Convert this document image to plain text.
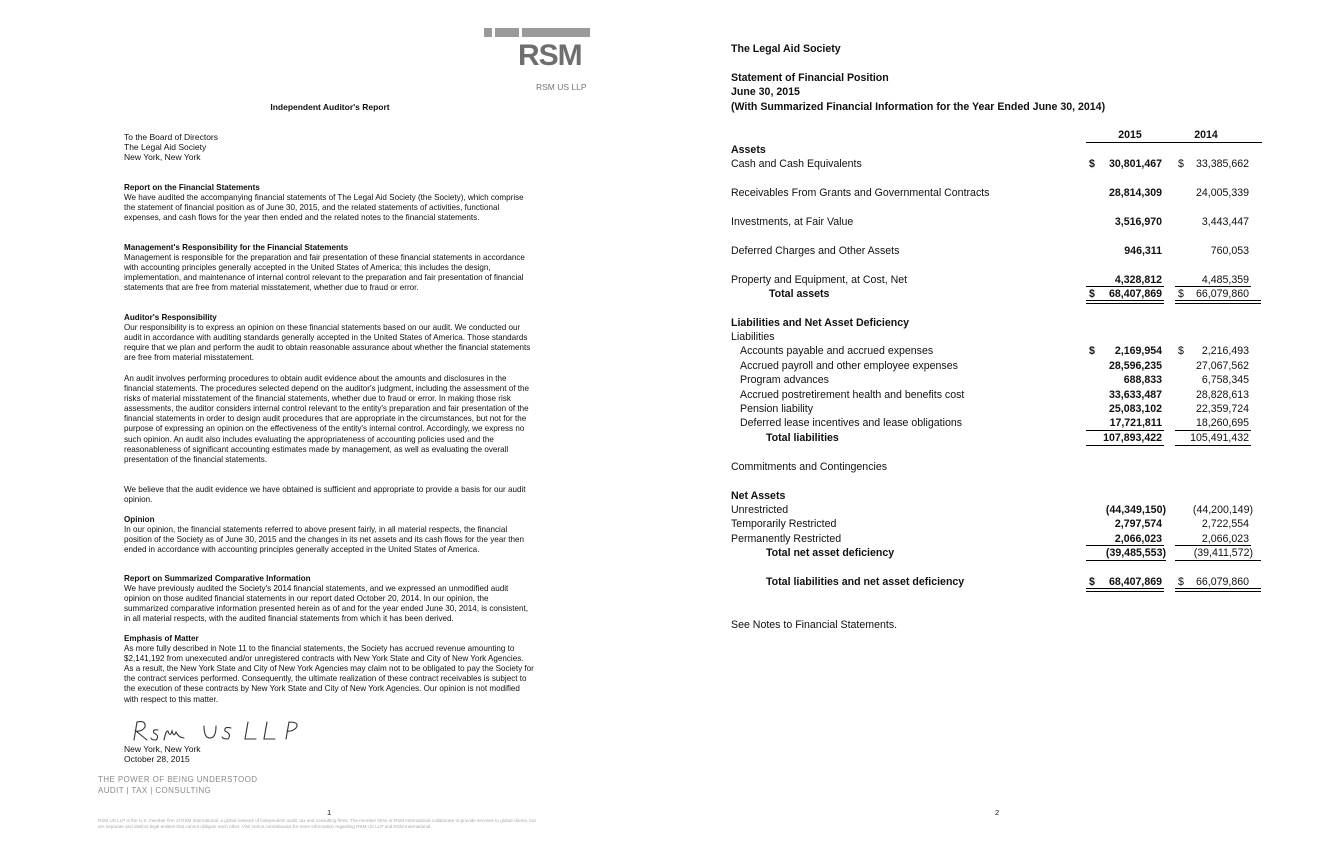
RSM
RSM US LLP
Independent Auditor's Report
To the Board of Directors
The Legal Aid Society
New York, New York
Report on the Financial Statements

We have audited the accompanying financial statements of The Legal Aid Society (the Society), which comprise the statement of financial position as of June 30, 2015, and the related statements of activities, functional expenses, and cash flows for the year then ended and the related notes to the financial statements.

Management's Responsibility for the Financial Statements

Management is responsible for the preparation and fair presentation of these financial statements in accordance with accounting principles generally accepted in the United States of America; this includes the design, implementation, and maintenance of internal control relevant to the preparation and fair presentation of financial statements that are free from material misstatement, whether due to fraud or error.

Auditor's Responsibility

Our responsibility is to express an opinion on these financial statements based on our audit. We conducted our audit in accordance with auditing standards generally accepted in the United States of America. Those standards require that we plan and perform the audit to obtain reasonable assurance about whether the financial statements are free from material misstatement.

An audit involves performing procedures to obtain audit evidence about the amounts and disclosures in the financial statements. The procedures selected depend on the auditor's judgment, including the assessment of the risks of material misstatement of the financial statements, whether due to fraud or error. In making those risk assessments, the auditor considers internal control relevant to the entity's preparation and fair presentation of the financial statements in order to design audit procedures that are appropriate in the circumstances, but not for the purpose of expressing an opinion on the effectiveness of the entity's internal control. Accordingly, we express no such opinion. An audit also includes evaluating the appropriateness of accounting policies used and the reasonableness of significant accounting estimates made by management, as well as evaluating the overall presentation of the financial statements.

We believe that the audit evidence we have obtained is sufficient and appropriate to provide a basis for our audit opinion.

Opinion

In our opinion, the financial statements referred to above present fairly, in all material respects, the financial position of the Society as of June 30, 2015 and the changes in its net assets and its cash flows for the year then ended in accordance with accounting principles generally accepted in the United States of America.

Report on Summarized Comparative Information

We have previously audited the Society's 2014 financial statements, and we expressed an unmodified audit opinion on those audited financial statements in our report dated October 20, 2014. In our opinion, the summarized comparative information presented herein as of and for the year ended June 30, 2014, is consistent, in all material respects, with the audited financial statements from which it has been derived.

Emphasis of Matter

As more fully described in Note 11 to the financial statements, the Society has accrued revenue amounting to $2,141,192 from unexecuted and/or unregistered contracts with New York State and City of New York Agencies. As a result, the New York State and City of New York Agencies may claim not to be obligated to pay the Society for the contract services performed. Consequently, the ultimate realization of these contract receivables is subject to the execution of these contracts by New York State and City of New York Agencies. Our opinion is not modified with respect to this matter.

New York, New York
October 28, 2015
THE POWER OF BEING UNDERSTOOD
AUDIT | TAX | CONSULTING
1
RSM US LLP is the U.S. member firm of RSM International, a global network of independent audit, tax and consulting firms. The member firms of RSM International collaborate to provide services to global clients, but are separate and distinct legal entities that cannot obligate each other. Visit rsmus.com/aboutus for more information regarding RSM US LLP and RSM International.
The Legal Aid Society
Statement of Financial Position
June 30, 2015
(With Summarized Financial Information for the Year Ended June 30, 2014)
2015	2014
Assets
Cash and Cash Equivalents	$	30,801,467 $	33,385,662
Receivables From Grants and Governmental Contracts	28,814,309	24,005,339
Investments, at Fair Value	3,516,970	3,443,447
Deferred Charges and Other Assets	946,311	760,053
Property and Equipment, at Cost, Net	4,328,812	4,485,359
Total assets	$	68,407,869 $	66,079,860
Liabilities and Net Asset Deficiency
Liabilities
Accounts payable and accrued expenses	$	2,169,954 $	2,216,493
Accrued payroll and other employee expenses	28,596,235	27,067,562
Program advances	688,833	6,758,345
Accrued postretirement health and benefits cost	33,633,487	28,828,613
Pension liability	25,083,102	22,359,724
Deferred lease incentives and lease obligations	17,721,811	18,260,695
Total liabilities	107,893,422	105,491,432
Commitments and Contingencies
Net Assets
Unrestricted	(44,349,150)	(44,200,149)
Temporarily Restricted	2,797,574	2,722,554
Permanently Restricted	2,066,023	2,066,023
Total net asset deficiency	(39,485,553)	(39,411,572)
Total liabilities and net asset deficiency	$	68,407,869 $	66,079,860
See Notes to Financial Statements.
2
